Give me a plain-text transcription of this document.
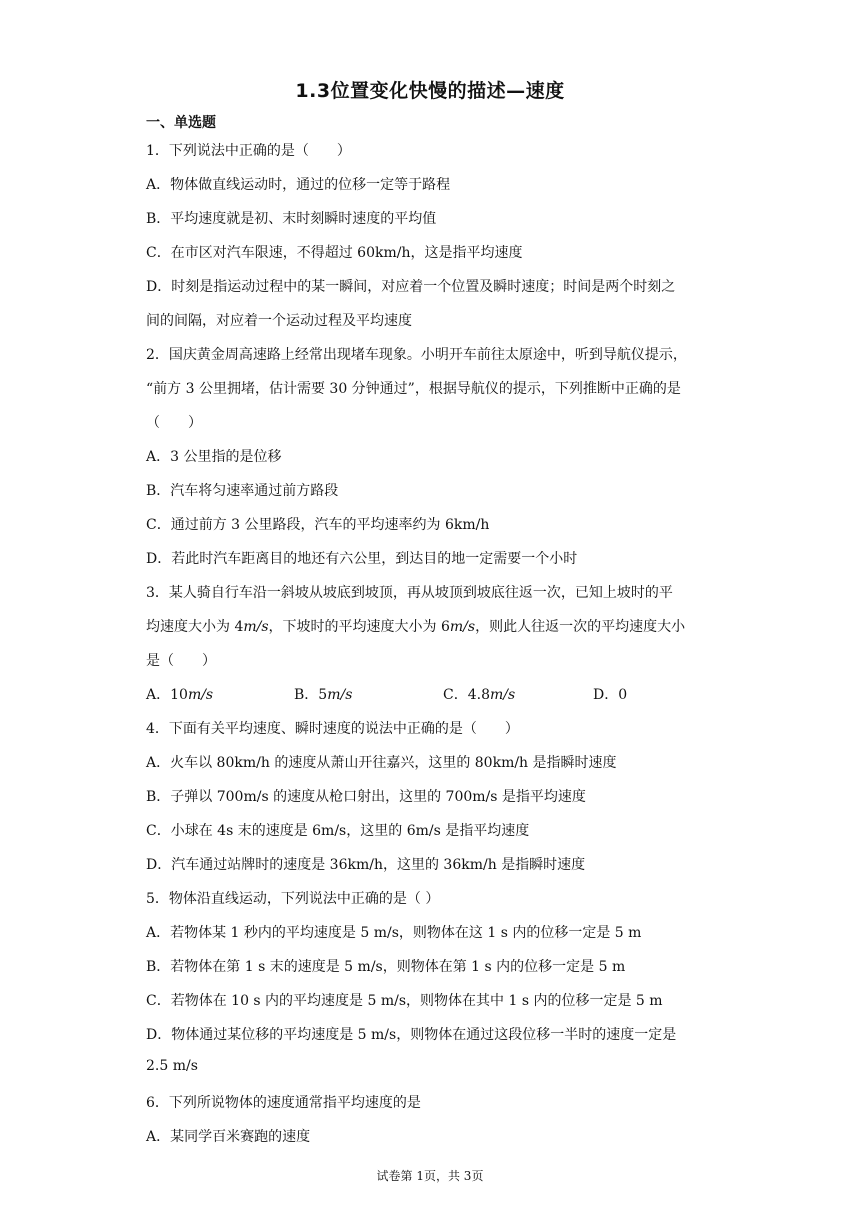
1.3位置变化快慢的描述—速度
一、单选题
1．下列说法中正确的是（　　）
A．物体做直线运动时，通过的位移一定等于路程
B．平均速度就是初、末时刻瞬时速度的平均值
C．在市区对汽车限速，不得超过 60km/h，这是指平均速度
D．时刻是指运动过程中的某一瞬间，对应着一个位置及瞬时速度；时间是两个时刻之
间的间隔，对应着一个运动过程及平均速度
2．国庆黄金周高速路上经常出现堵车现象。小明开车前往太原途中，听到导航仪提示，
“前方 3 公里拥堵，估计需要 30 分钟通过”，根据导航仪的提示，下列推断中正确的是
（　　）
A．3 公里指的是位移
B．汽车将匀速率通过前方路段
C．通过前方 3 公里路段，汽车的平均速率约为 6km/h
D．若此时汽车距离目的地还有六公里，到达目的地一定需要一个小时
3．某人骑自行车沿一斜坡从坡底到坡顶，再从坡顶到坡底往返一次，已知上坡时的平
均速度大小为 4m/s，下坡时的平均速度大小为 6m/s，则此人往返一次的平均速度大小
是（　　）
A．10m/s	B．5m/s	C．4.8m/s	D．0
4．下面有关平均速度、瞬时速度的说法中正确的是（　　）
A．火车以 80km/h 的速度从萧山开往嘉兴，这里的 80km/h 是指瞬时速度
B．子弹以 700m/s 的速度从枪口射出，这里的 700m/s 是指平均速度
C．小球在 4s 末的速度是 6m/s，这里的 6m/s 是指平均速度
D．汽车通过站牌时的速度是 36km/h，这里的 36km/h 是指瞬时速度
5．物体沿直线运动，下列说法中正确的是（ ）
A．若物体某 1 秒内的平均速度是 5 m/s，则物体在这 1 s 内的位移一定是 5 m
B．若物体在第 1 s 末的速度是 5 m/s，则物体在第 1 s 内的位移一定是 5 m
C．若物体在 10 s 内的平均速度是 5 m/s，则物体在其中 1 s 内的位移一定是 5 m
D．物体通过某位移的平均速度是 5 m/s，则物体在通过这段位移一半时的速度一定是
2.5 m/s
6．下列所说物体的速度通常指平均速度的是
A．某同学百米赛跑的速度
试卷第 1页，共 3页
